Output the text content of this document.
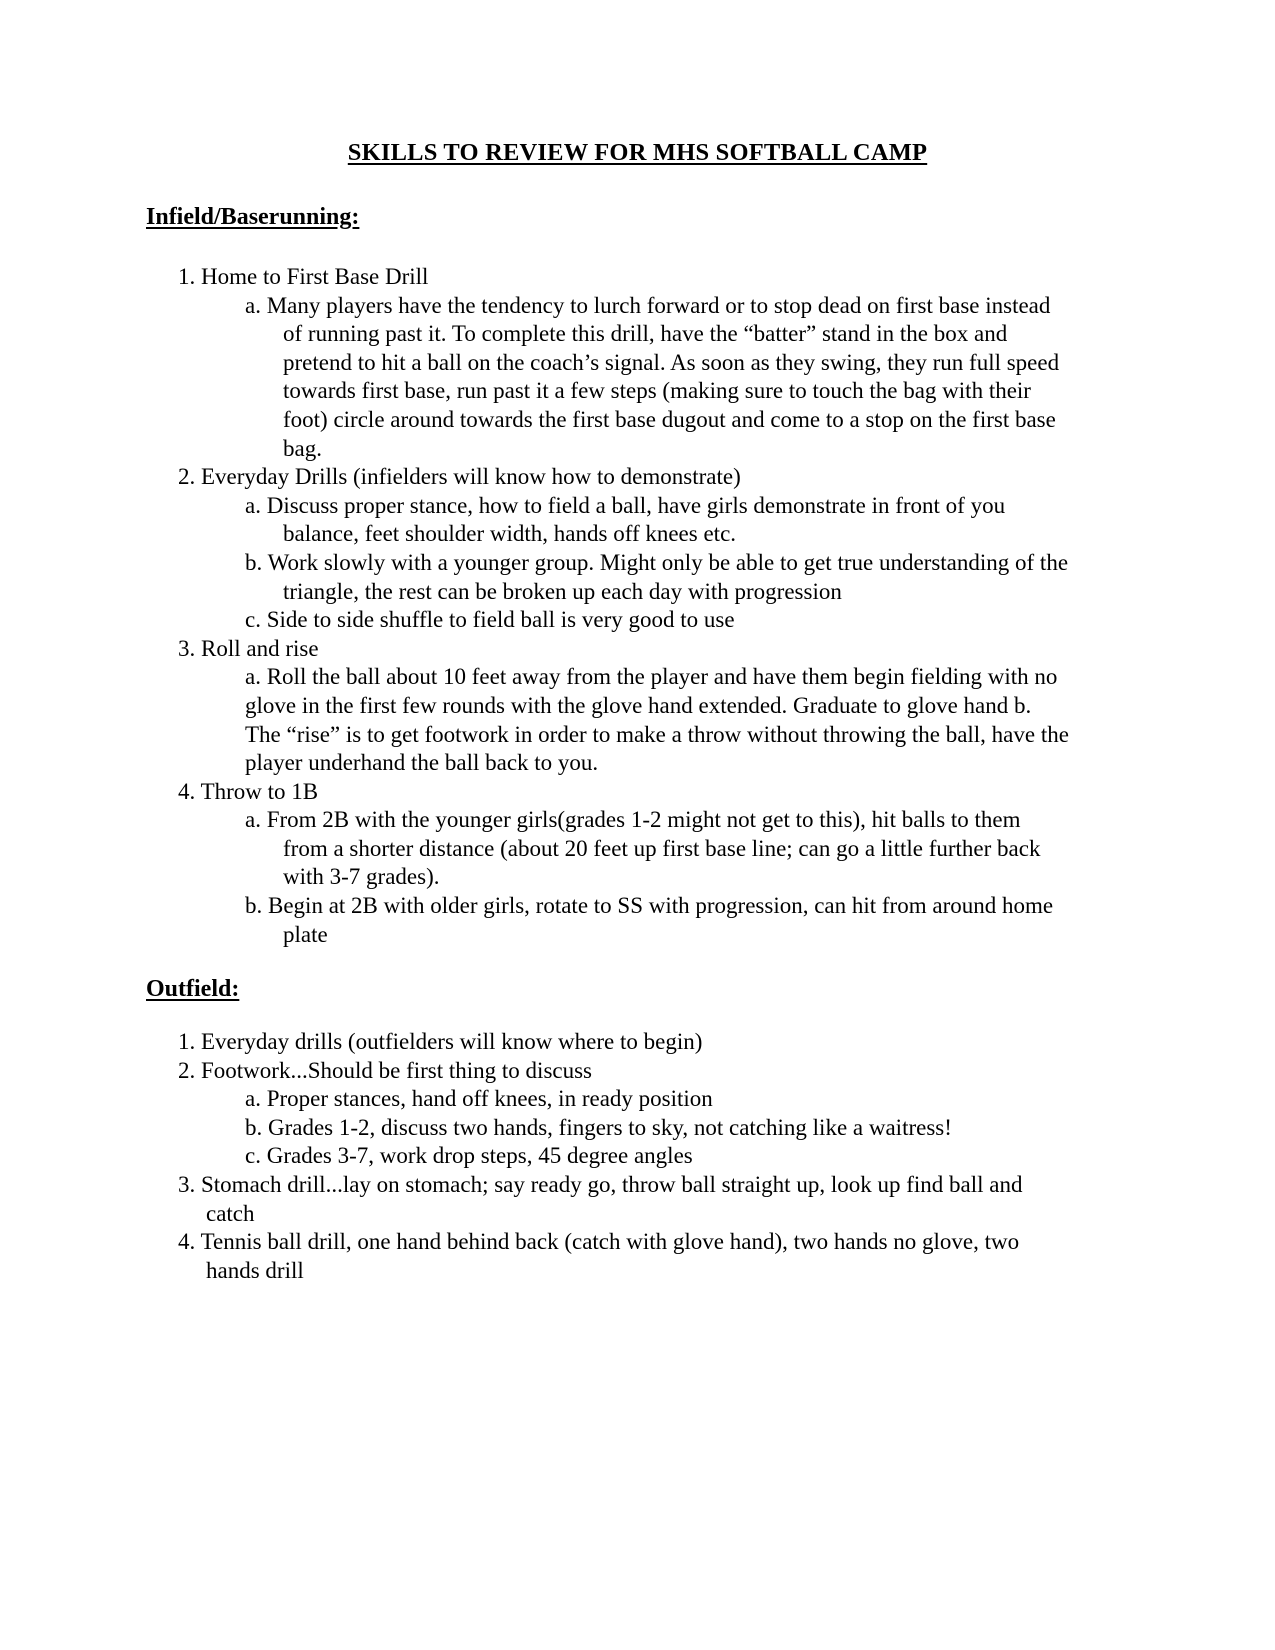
SKILLS TO REVIEW FOR MHS SOFTBALL CAMP
Infield/Baserunning:

1. Home to First Base Drill

a. Many players have the tendency to lurch forward or to stop dead on first base instead of running past it. To complete this drill, have the “batter” stand in the box and pretend to hit a ball on the coach’s signal. As soon as they swing, they run full speed towards first base, run past it a few steps (making sure to touch the bag with their foot) circle around towards the first base dugout and come to a stop on the first base bag.

2. Everyday Drills (infielders will know how to demonstrate)

a. Discuss proper stance, how to field a ball, have girls demonstrate in front of you balance, feet shoulder width, hands off knees etc.

b. Work slowly with a younger group. Might only be able to get true understanding of the triangle, the rest can be broken up each day with progression

c. Side to side shuffle to field ball is very good to use

3. Roll and rise

a. Roll the ball about 10 feet away from the player and have them begin fielding with no glove in the first few rounds with the glove hand extended. Graduate to glove hand b. The “rise” is to get footwork in order to make a throw without throwing the ball, have the player underhand the ball back to you.

4. Throw to 1B

a. From 2B with the younger girls(grades 1-2 might not get to this), hit balls to them from a shorter distance (about 20 feet up first base line; can go a little further back with 3-7 grades).

b. Begin at 2B with older girls, rotate to SS with progression, can hit from around home plate

Outfield:

1. Everyday drills (outfielders will know where to begin)

2. Footwork...Should be first thing to discuss

a. Proper stances, hand off knees, in ready position

b. Grades 1-2, discuss two hands, fingers to sky, not catching like a waitress!

c. Grades 3-7, work drop steps, 45 degree angles

3. Stomach drill...lay on stomach; say ready go, throw ball straight up, look up find ball and catch

4. Tennis ball drill, one hand behind back (catch with glove hand), two hands no glove, two hands drill
